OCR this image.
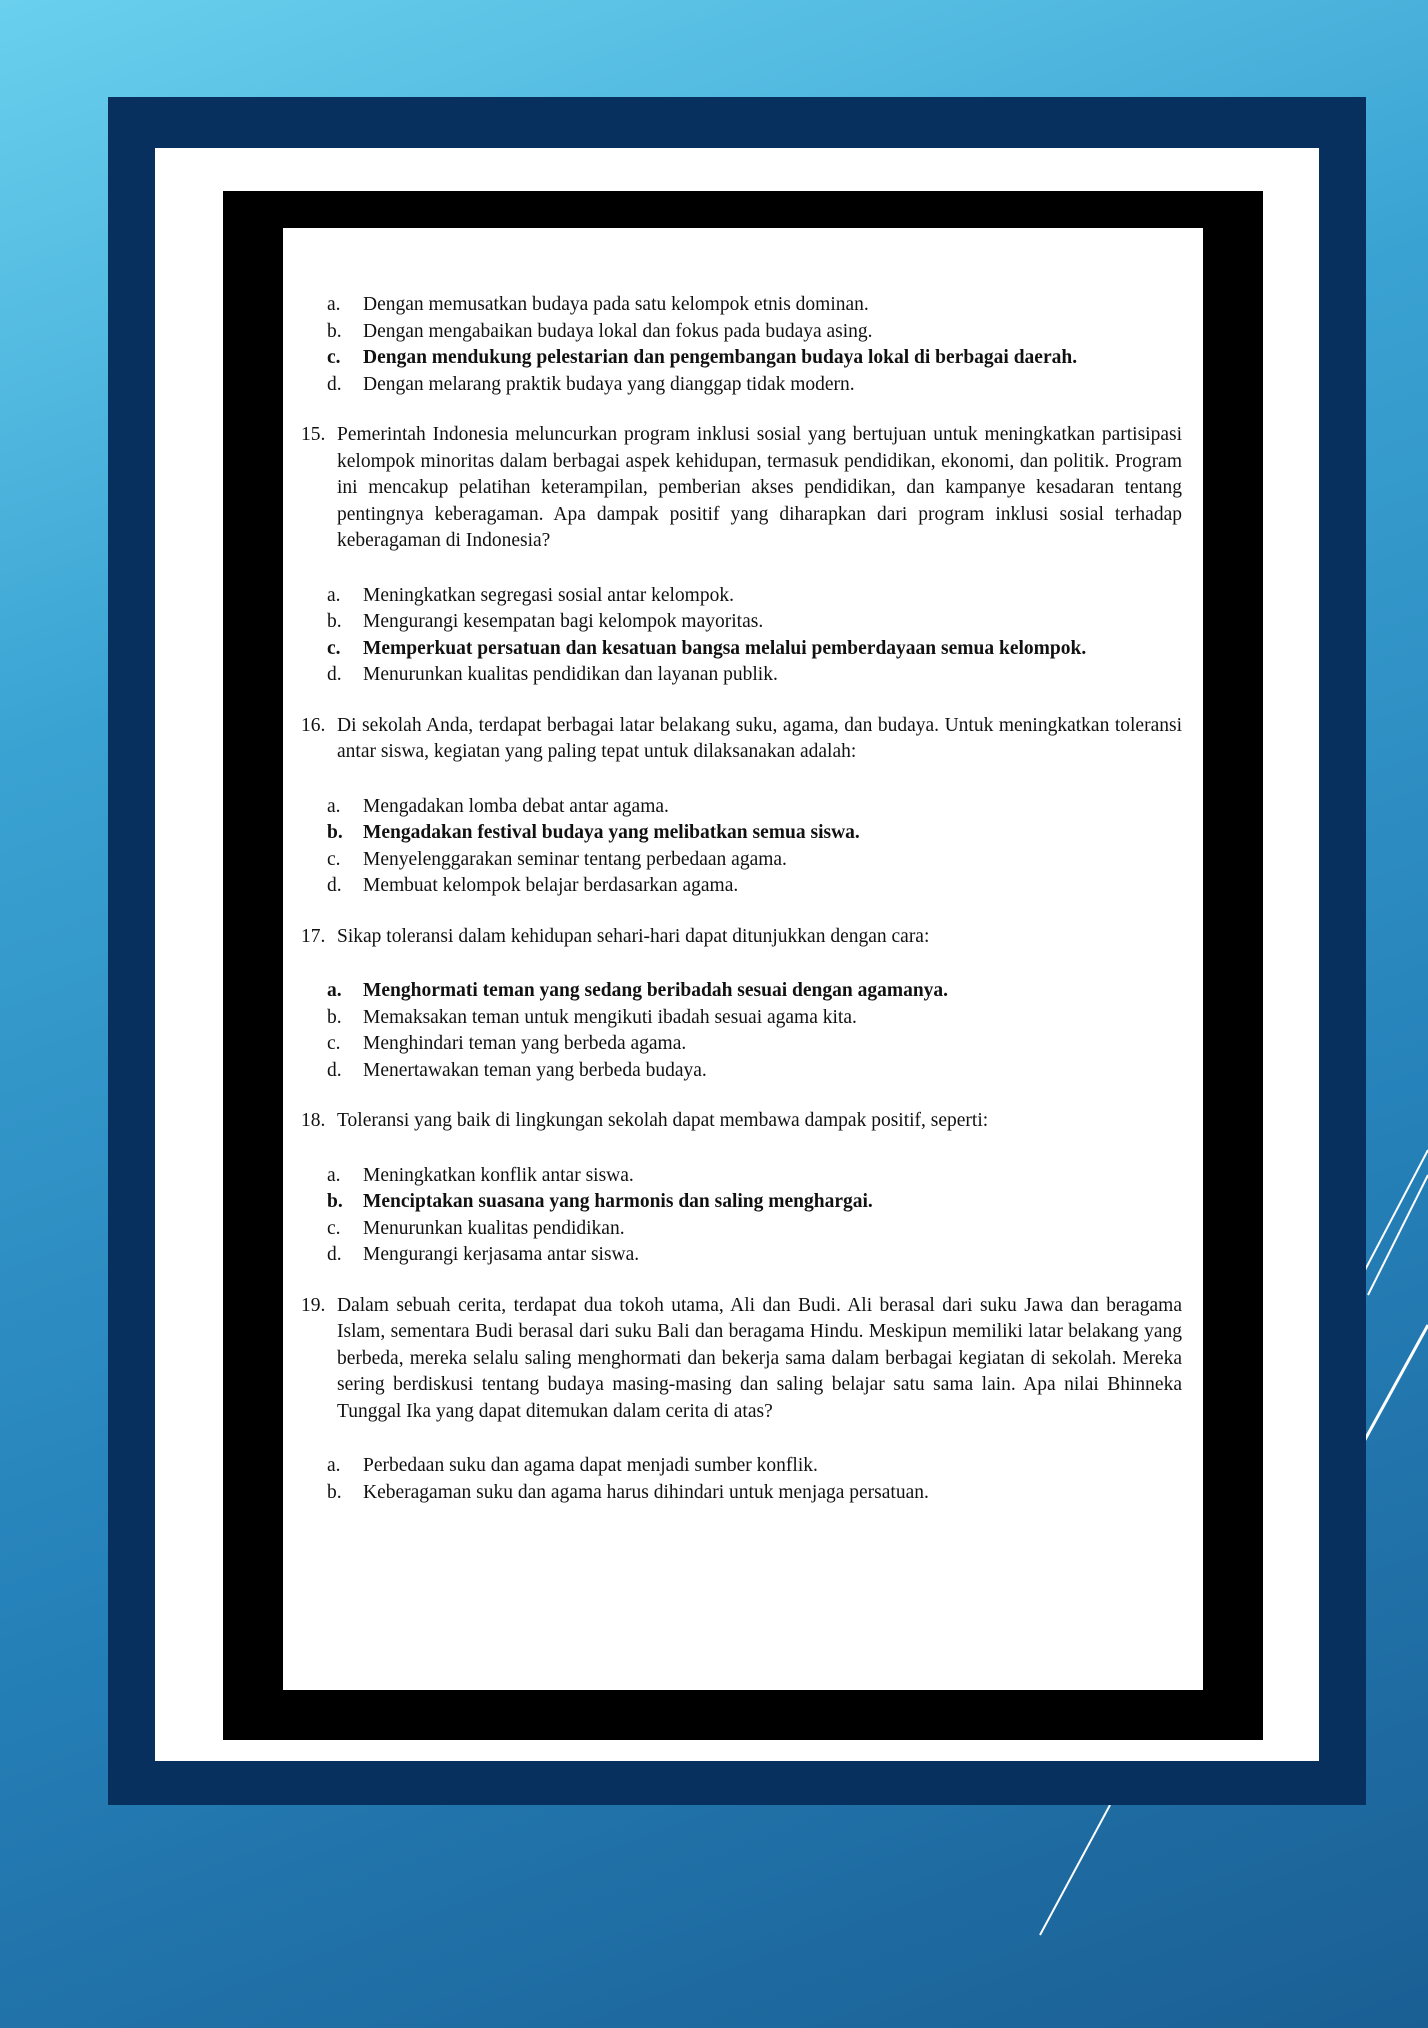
a.	Dengan memusatkan budaya pada satu kelompok etnis dominan.
b.	Dengan mengabaikan budaya lokal dan fokus pada budaya asing.
c.	Dengan mendukung pelestarian dan pengembangan budaya lokal di berbagai daerah.
d.	Dengan melarang praktik budaya yang dianggap tidak modern.
15. Pemerintah Indonesia meluncurkan program inklusi sosial yang bertujuan untuk meningkatkan partisipasi kelompok minoritas dalam berbagai aspek kehidupan, termasuk pendidikan, ekonomi, dan politik. Program ini mencakup pelatihan keterampilan, pemberian akses pendidikan, dan kampanye kesadaran tentang pentingnya keberagaman. Apa dampak positif yang diharapkan dari program inklusi sosial terhadap keberagaman di Indonesia?
a.	Meningkatkan segregasi sosial antar kelompok.
b.	Mengurangi kesempatan bagi kelompok mayoritas.
c.	Memperkuat persatuan dan kesatuan bangsa melalui pemberdayaan semua kelompok.
d.	Menurunkan kualitas pendidikan dan layanan publik.
16. Di sekolah Anda, terdapat berbagai latar belakang suku, agama, dan budaya. Untuk meningkatkan toleransi antar siswa, kegiatan yang paling tepat untuk dilaksanakan adalah:
a.	Mengadakan lomba debat antar agama.
b.	Mengadakan festival budaya yang melibatkan semua siswa.
c.	Menyelenggarakan seminar tentang perbedaan agama.
d.	Membuat kelompok belajar berdasarkan agama.
17. Sikap toleransi dalam kehidupan sehari-hari dapat ditunjukkan dengan cara:
a.	Menghormati teman yang sedang beribadah sesuai dengan agamanya.
b.	Memaksakan teman untuk mengikuti ibadah sesuai agama kita.
c.	Menghindari teman yang berbeda agama.
d.	Menertawakan teman yang berbeda budaya.
18. Toleransi yang baik di lingkungan sekolah dapat membawa dampak positif, seperti:
a.	Meningkatkan konflik antar siswa.
b.	Menciptakan suasana yang harmonis dan saling menghargai.
c.	Menurunkan kualitas pendidikan.
d.	Mengurangi kerjasama antar siswa.
19. Dalam sebuah cerita, terdapat dua tokoh utama, Ali dan Budi. Ali berasal dari suku Jawa dan beragama Islam, sementara Budi berasal dari suku Bali dan beragama Hindu. Meskipun memiliki latar belakang yang berbeda, mereka selalu saling menghormati dan bekerja sama dalam berbagai kegiatan di sekolah. Mereka sering berdiskusi tentang budaya masing-masing dan saling belajar satu sama lain. Apa nilai Bhinneka Tunggal Ika yang dapat ditemukan dalam cerita di atas?
a.	Perbedaan suku dan agama dapat menjadi sumber konflik.
b.	Keberagaman suku dan agama harus dihindari untuk menjaga persatuan.
